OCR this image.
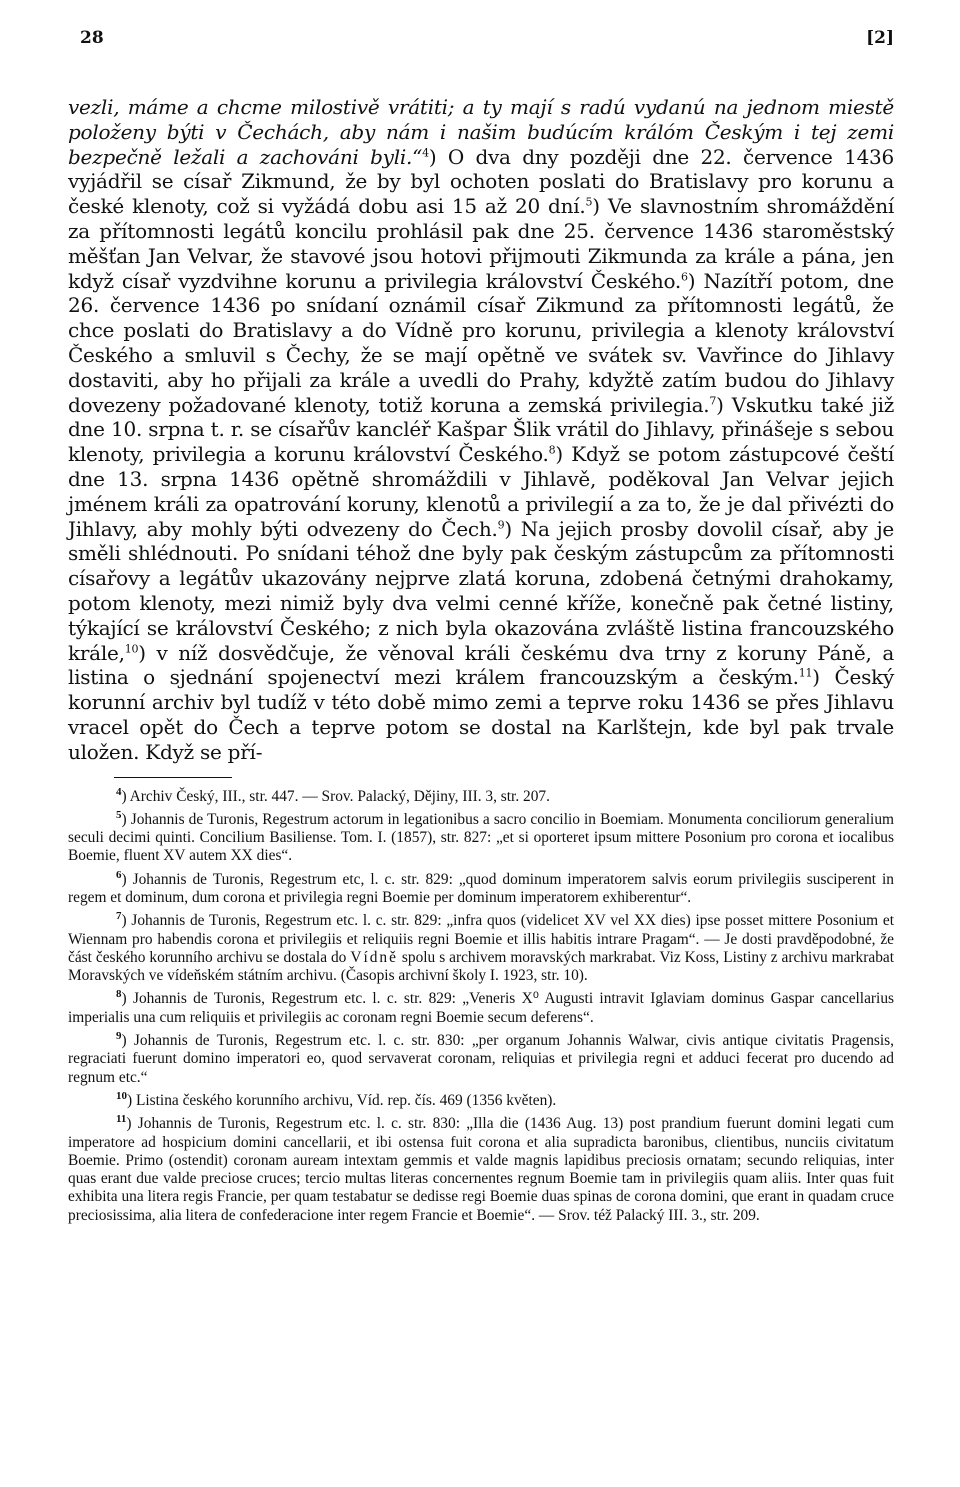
28	[2]

vezli, máme a chcme milostivě vrátiti; a ty mají s radú vydanú na jednom miestě položeny býti v Čechách, aby nám i našim budúcím králóm Českým i tej zemi bezpečně ležali a zachováni byli.“$^4$) O dva dny později dne 22. července 1436 vyjádřil se císař Zikmund, že by byl ochoten poslati do Bratislavy pro korunu a české klenoty, což si vyžádá dobu asi 15 až 20 dní.$^5$) Ve slavnostním shromáždění za přítomnosti legátů koncilu prohlásil pak dne 25. července 1436 staroměstský měšťan Jan Velvar, že stavové jsou hotovi přijmouti Zikmunda za krále a pána, jen když císař vyzdvihne korunu a privilegia království Českého.$^6$) Nazítří potom, dne 26. července 1436 po snídaní oznámil císař Zikmund za přítomnosti legátů, že chce poslati do Bratislavy a do Vídně pro korunu, privilegia a klenoty království Českého a smluvil s Čechy, že se mají opětně ve svátek sv. Vavřince do Jihlavy dostaviti, aby ho přijali za krále a uvedli do Prahy, kdyžtě zatím budou do Jihlavy dovezeny požadované klenoty, totiž koruna a zemská privilegia.$^7$) Vskutku také již dne 10. srpna t. r. se císařův kancléř Kašpar Šlik vrátil do Jihlavy, přinášeje s sebou klenoty, privilegia a korunu království Českého.$^8$) Když se potom zástupcové čeští dne 13. srpna 1436 opětně shromáždili v Jihlavě, poděkoval Jan Velvar jejich jménem králi za opatrování koruny, klenotů a privilegií a za to, že je dal přivézti do Jihlavy, aby mohly býti odvezeny do Čech.$^9$) Na jejich prosby dovolil císař, aby je směli shlédnouti. Po snídani téhož dne byly pak českým zástupcům za přítomnosti císařovy a legátův ukazovány nejprve zlatá koruna, zdobená četnými drahokamy, potom klenoty, mezi nimiž byly dva velmi cenné kříže, konečně pak četné listiny, týkající se království Českého; z nich byla okazována zvláště listina francouzského krále,$^{10}$) v níž dosvědčuje, že věnoval králi českému dva trny z koruny Páně, a listina o sjednání spojenectví mezi králem francouzským a českým.$^{11}$) Český korunní archiv byl tudíž v této době mimo zemi a teprve roku 1436 se přes Jihlavu vracel opět do Čech a teprve potom se dostal na Karlštejn, kde byl pak trvale uložen. Když se pří-

$^4$) Archiv Český, III., str. 447. — Srov. Palacký, Dějiny, III. 3, str. 207.

$^5$) Johannis de Turonis, Regestrum actorum in legationibus a sacro concilio in Boemiam. Monumenta conciliorum generalium seculi decimi quinti. Concilium Basiliense. Tom. I. (1857), str. 827: „et si oporteret ipsum mittere Posonium pro corona et iocalibus Boemie, fluent XV autem XX dies“.

$^6$) Johannis de Turonis, Regestrum etc, l. c. str. 829: „quod dominum imperatorem salvis eorum privilegiis susciperent in regem et dominum, dum corona et privilegia regni Boemie per dominum imperatorem exhiberentur“.

$^7$) Johannis de Turonis, Regestrum etc. l. c. str. 829: „infra quos (videlicet XV vel XX dies) ipse posset mittere Posonium et Wiennam pro habendis corona et privilegiis et reliquiis regni Boemie et illis habitis intrare Pragam“. — Je dosti pravděpodobné, že část českého korunního archivu se dostala do Vídně spolu s archivem moravských markrabat. Viz Koss, Listiny z archivu markrabat Moravských ve vídeňském státním archivu. (Časopis archivní školy I. 1923, str. 10).

$^8$) Johannis de Turonis, Regestrum etc. l. c. str. 829: „Veneris X⁰ Augusti intravit Iglaviam dominus Gaspar cancellarius imperialis una cum reliquiis et privilegiis ac coronam regni Boemie secum deferens“.

$^9$) Johannis de Turonis, Regestrum etc. l. c. str. 830: „per organum Johannis Walwar, civis antique civitatis Pragensis, regraciati fuerunt domino imperatori eo, quod servaverat coronam, reliquias et privilegia regni et adduci fecerat pro ducendo ad regnum etc.“

$^{10}$) Listina českého korunního archivu, Víd. rep. čís. 469 (1356 květen).

$^{11}$) Johannis de Turonis, Regestrum etc. l. c. str. 830: „Illa die (1436 Aug. 13) post prandium fuerunt domini legati cum imperatore ad hospicium domini cancellarii, et ibi ostensa fuit corona et alia supradicta baronibus, clientibus, nunciis civitatum Boemie. Primo (ostendit) coronam auream intextam gemmis et valde magnis lapidibus preciosis ornatam; secundo reliquias, inter quas erant due valde preciose cruces; tercio multas literas concernentes regnum Boemie tam in privilegiis quam aliis. Inter quas fuit exhibita una litera regis Francie, per quam testabatur se dedisse regi Boemie duas spinas de corona domini, que erant in quadam cruce preciosissima, alia litera de confederacione inter regem Francie et Boemie“. — Srov. též Palacký III. 3., str. 209.
